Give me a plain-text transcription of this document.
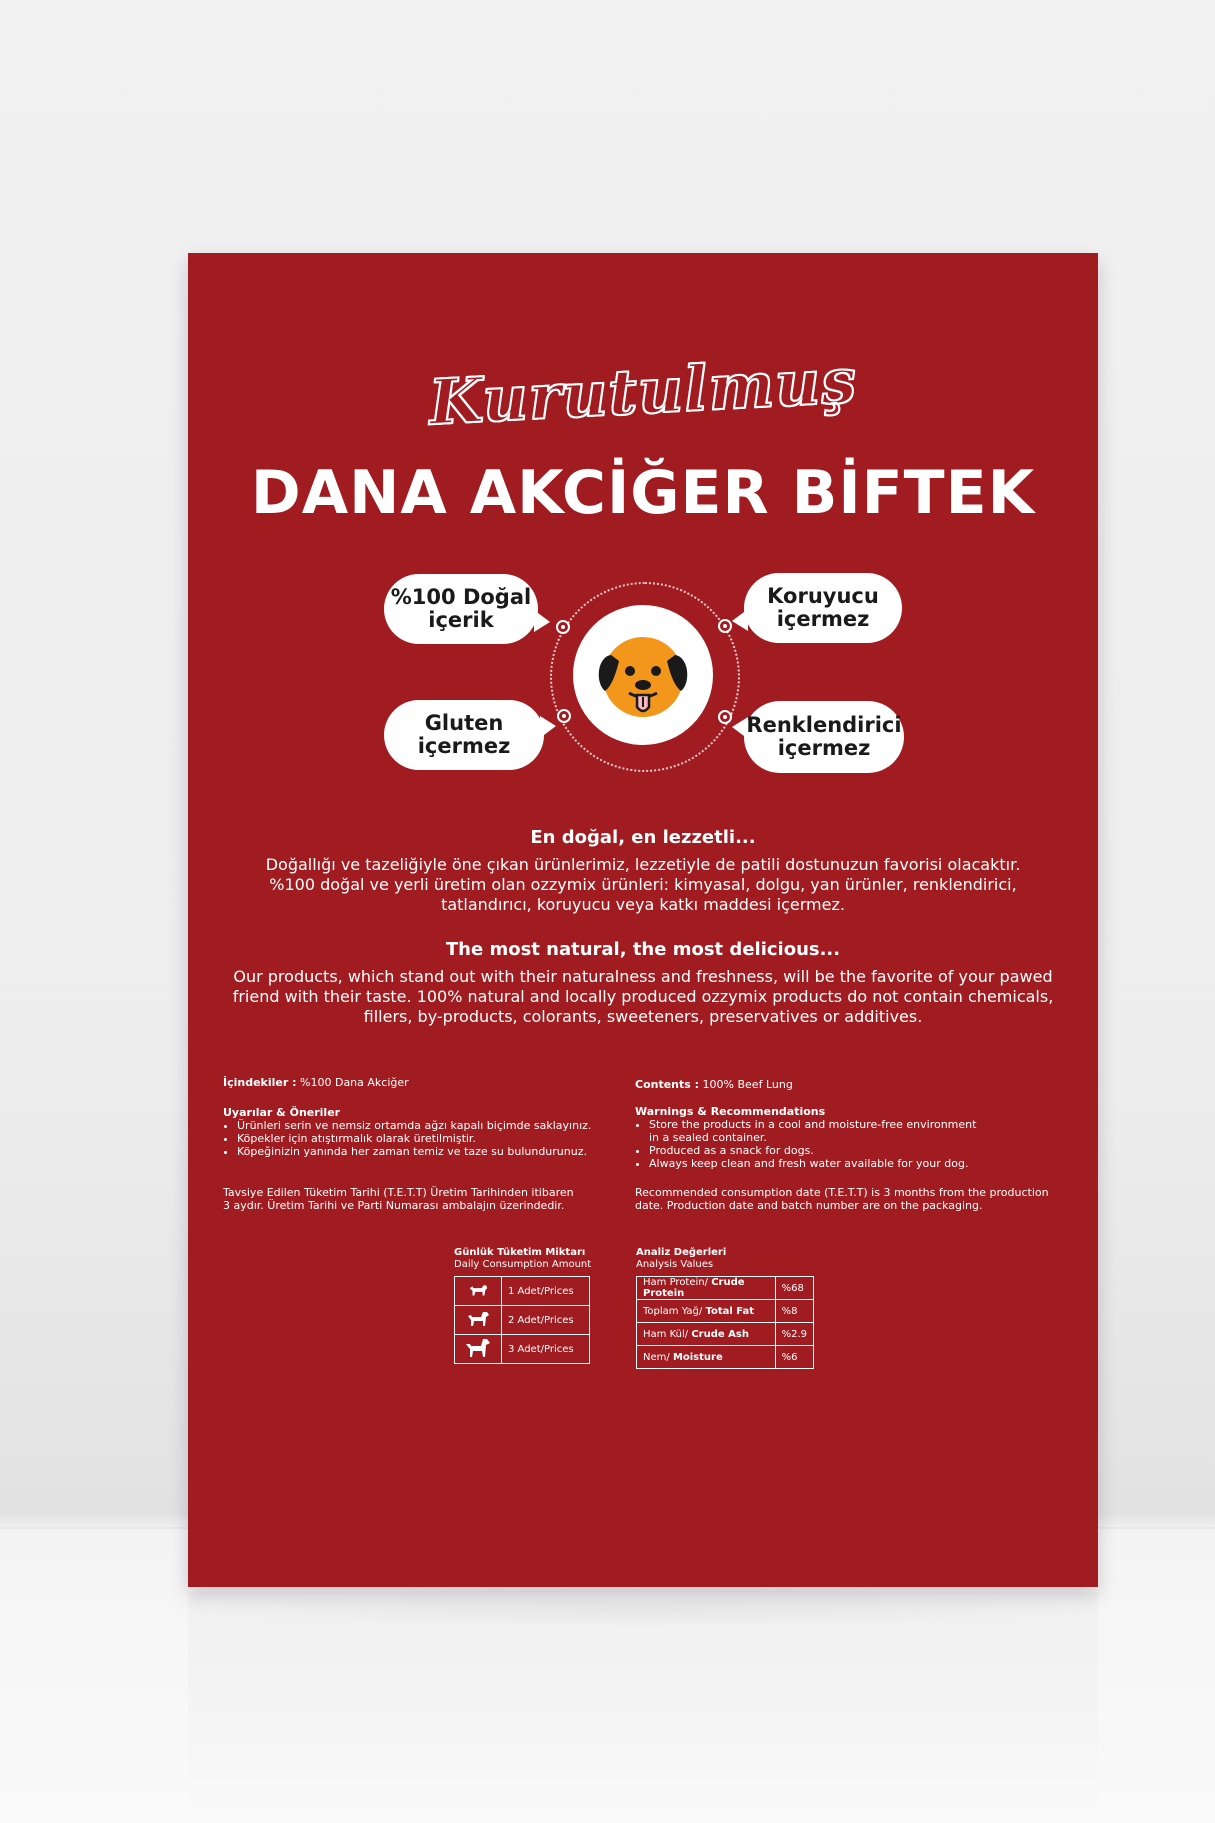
Kurutulmuş
DANA AKCİĞER BİFTEK
%100 Doğal
içerik
Koruyucu
içermez
Gluten
içermez
Renklendirici
içermez
En doğal, en lezzetli...
Doğallığı ve tazeliğiyle öne çıkan ürünlerimiz, lezzetiyle de patili dostunuzun favorisi olacaktır.
%100 doğal ve yerli üretim olan ozzymix ürünleri: kimyasal, dolgu, yan ürünler, renklendirici,
tatlandırıcı, koruyucu veya katkı maddesi içermez.
The most natural, the most delicious...
Our products, which stand out with their naturalness and freshness, will be the favorite of your pawed
friend with their taste. 100% natural and locally produced ozzymix products do not contain chemicals,
fillers, by-products, colorants, sweeteners, preservatives or additives.
İçindekiler : %100 Dana Akciğer
Uyarılar & Öneriler
• Ürünleri serin ve nemsiz ortamda ağzı kapalı biçimde saklayınız.
• Köpekler için atıştırmalık olarak üretilmiştir.
• Köpeğinizin yanında her zaman temiz ve taze su bulundurunuz.
Tavsiye Edilen Tüketim Tarihi (T.E.T.T) Üretim Tarihinden itibaren
3 aydır. Üretim Tarihi ve Parti Numarası ambalajın üzerindedir.
Contents : 100% Beef Lung
Warnings & Recommendations
• Store the products in a cool and moisture-free environment
in a sealed container.
• Produced as a snack for dogs.
• Always keep clean and fresh water available for your dog.
Recommended consumption date (T.E.T.T) is 3 months from the production
date. Production date and batch number are on the packaging.
Günlük Tüketim Miktarı
Daily Consumption Amount
	1 Adet/Prices
	2 Adet/Prices
	3 Adet/Prices
Analiz Değerleri
Analysis Values
Ham Protein/ Crude Protein	%68
Toplam Yağ/ Total Fat	%8
Ham Kül/ Crude Ash	%2.9
Nem/ Moisture	%6
